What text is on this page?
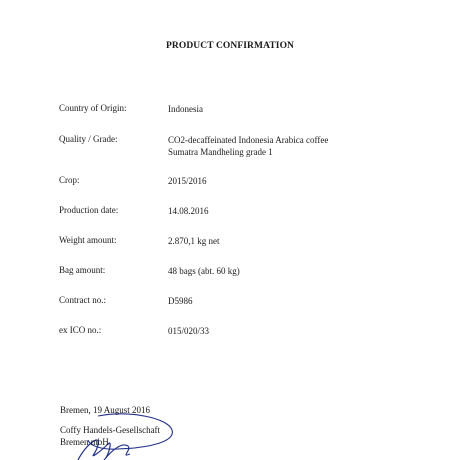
PRODUCT CONFIRMATION
Country of Origin:	Indonesia
Quality / Grade:	CO2-decaffeinated Indonesia Arabica coffee
Sumatra Mandheling grade 1
Crop:	2015/2016
Production date:	14.08.2016
Weight amount:	2.870,1 kg net
Bag amount:	48 bags (abt. 60 kg)
Contract no.:	D5986
ex ICO no.:	015/020/33
Bremen, 19 August 2016
Coffy Handels-Gesellschaft
Bremen mbH
